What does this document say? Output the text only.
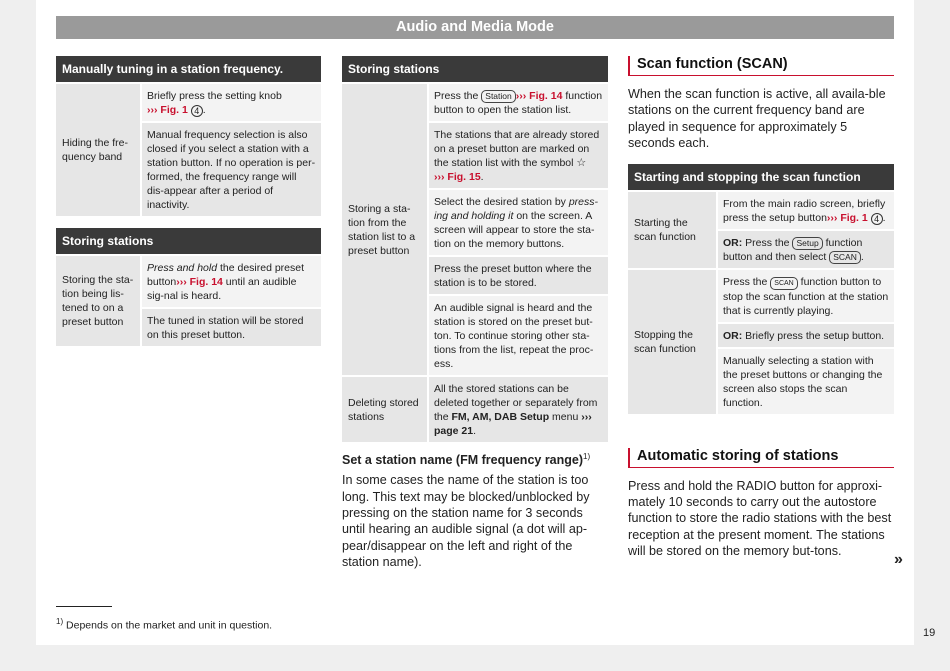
Audio and Media Mode
Manually tuning in a station frequency.
Hiding the fre-quency band
Briefly press the setting knob
››› Fig. 1 4 .
Manual frequency selection is also closed if you select a station with a station button. If no operation is per-formed, the frequency range will dis-appear after a period of inactivity.
Storing stations
Storing the sta-tion being lis-tened to on a preset button
Press and hold the desired preset button››› Fig. 14 until an audible sig-nal is heard.
The tuned in station will be stored on this preset button.
Storing stations
Storing a sta-tion from the station list to a preset button
Press the Station ››› Fig. 14 function button to open the station list.
The stations that are already stored on a preset button are marked on the station list with the symbol ☆
››› Fig. 15.
Select the desired station by press-ing and holding it on the screen. A screen will appear to store the sta-tion on the memory buttons.
Press the preset button where the station is to be stored.
An audible signal is heard and the station is stored on the preset but-ton. To continue storing other sta-tions from the list, repeat the proc-ess.
Deleting stored stations
All the stored stations can be deleted together or separately from the FM, AM, DAB Setup menu ››› page 21.
Set a station name (FM frequency range)$^{1)}$
In some cases the name of the station is too long. This text may be blocked/unblocked by pressing on the station name for 3 seconds until hearing an audible signal (a dot will ap-pear/disappear on the left and right of the station name).
Scan function (SCAN)
When the scan function is active, all availa-ble stations on the current frequency band are played in sequence for approximately 5 seconds each.
Starting and stopping the scan function
Starting the scan function
From the main radio screen, briefly press the setup button››› Fig. 1 4 .
OR: Press the Setup function button and then select SCAN .
Stopping the scan function
Press the SCAN function button to stop the scan function at the station that is currently playing.
OR: Briefly press the setup button.
Manually selecting a station with the preset buttons or changing the screen also stops the scan function.
Automatic storing of stations
Press and hold the RADIO button for approxi-mately 10 seconds to carry out the autostore function to store the radio stations with the best reception at the present moment. The stations will be stored on the memory but-tons.	»
$^{1)}$ Depends on the market and unit in question.
19
